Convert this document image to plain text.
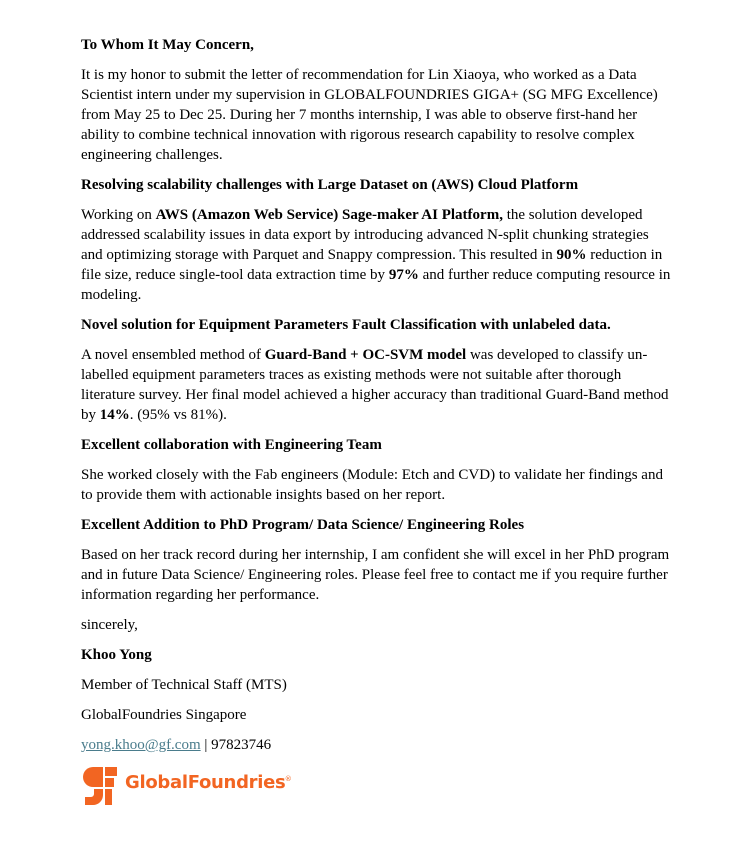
To Whom It May Concern,
It is my honor to submit the letter of recommendation for Lin Xiaoya, who worked as a Data Scientist intern under my supervision in GLOBALFOUNDRIES GIGA+ (SG MFG Excellence) from May 25 to Dec 25. During her 7 months internship, I was able to observe first-hand her ability to combine technical innovation with rigorous research capability to resolve complex engineering challenges.
Resolving scalability challenges with Large Dataset on (AWS) Cloud Platform
Working on AWS (Amazon Web Service) Sage-maker AI Platform, the solution developed addressed scalability issues in data export by introducing advanced N-split chunking strategies and optimizing storage with Parquet and Snappy compression. This resulted in 90% reduction in file size, reduce single-tool data extraction time by 97% and further reduce computing resource in modeling.
Novel solution for Equipment Parameters Fault Classification with unlabeled data.
A novel ensembled method of Guard-Band + OC-SVM model was developed to classify un-labelled equipment parameters traces as existing methods were not suitable after thorough literature survey. Her final model achieved a higher accuracy than traditional Guard-Band method by 14%. (95% vs 81%).
Excellent collaboration with Engineering Team
She worked closely with the Fab engineers (Module: Etch and CVD) to validate her findings and to provide them with actionable insights based on her report.
Excellent Addition to PhD Program/ Data Science/ Engineering Roles
Based on her track record during her internship, I am confident she will excel in her PhD program and in future Data Science/ Engineering roles. Please feel free to contact me if you require further information regarding her performance.
sincerely,
Khoo Yong
Member of Technical Staff (MTS)
GlobalFoundries Singapore
yong.khoo@gf.com | 97823746
GlobalFoundries ®
